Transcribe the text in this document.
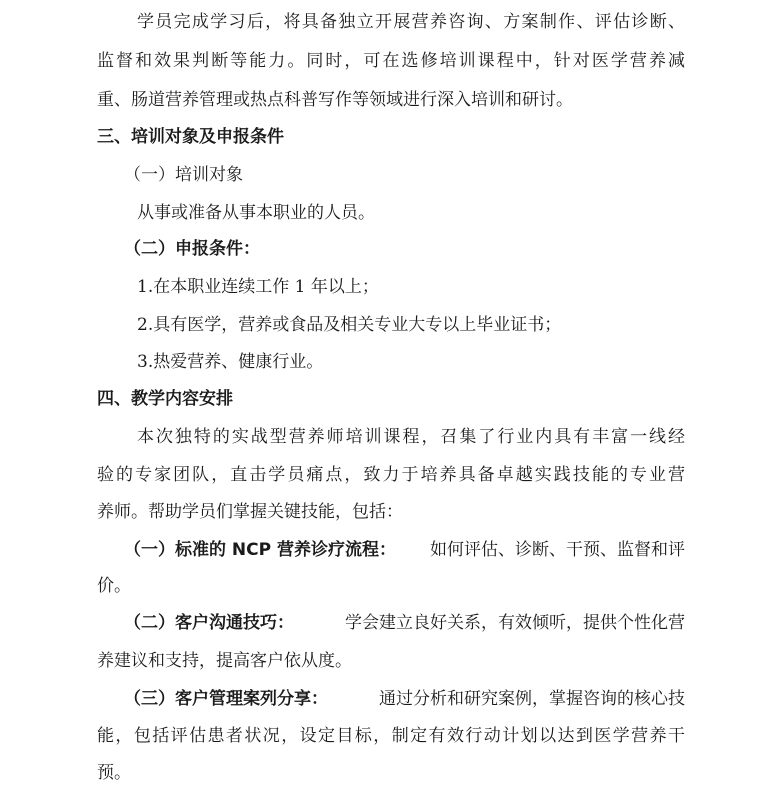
学员完成学习后，将具备独立开展营养咨询、方案制作、评估诊断、
监督和效果判断等能力。同时，可在选修培训课程中，针对医学营养减
重、肠道营养管理或热点科普写作等领域进行深入培训和研讨。
三、培训对象及申报条件
（一）培训对象
从事或准备从事本职业的人员。
（二）申报条件：
1.在本职业连续工作 1 年以上；
2.具有医学，营养或食品及相关专业大专以上毕业证书；
3.热爱营养、健康行业。
四、教学内容安排
本次独特的实战型营养师培训课程，召集了行业内具有丰富一线经
验的专家团队，直击学员痛点，致力于培养具备卓越实践技能的专业营
养师。帮助学员们掌握关键技能，包括：
（一）标准的 NCP 营养诊疗流程： 如何评估、诊断、干预、监督和评
价。
（二）客户沟通技巧：	学会建立良好关系，有效倾听，提供个性化营
养建议和支持，提高客户依从度。
（三）客户管理案列分享：	通过分析和研究案例，掌握咨询的核心技
能，包括评估患者状况，设定目标，制定有效行动计划以达到医学营养干
预。
